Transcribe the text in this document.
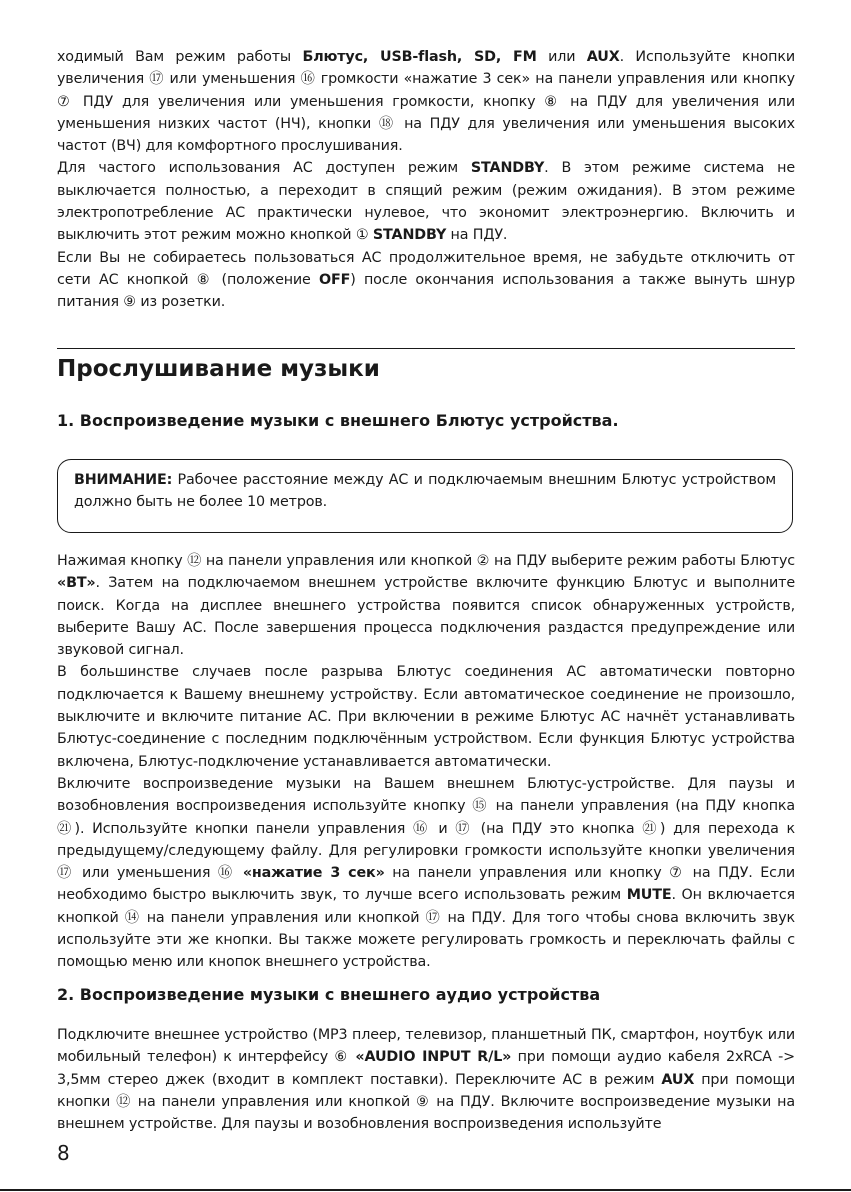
ходимый Вам режим работы Блютус, USB-flash, SD, FM или AUX. Используйте кнопки увеличения ⑰ или уменьшения ⑯ громкости «нажатие 3 сек» на панели управления или кнопку ⑦ ПДУ для увеличения или уменьшения громкости, кнопку ⑧ на ПДУ для увеличения или уменьшения низких частот (НЧ), кнопки ⑱ на ПДУ для увеличения или уменьшения высоких частот (ВЧ) для комфортного прослушивания.

Для частого использования АС доступен режим STANDBY. В этом режиме система не выключается полностью, а переходит в спящий режим (режим ожидания). В этом режиме электропотребление АС практически нулевое, что экономит электроэнергию. Включить и выключить этот режим можно кнопкой ① STANDBY на ПДУ.

Если Вы не собираетесь пользоваться АС продолжительное время, не забудьте отключить от сети АС кнопкой ⑧ (положение OFF) после окончания использования а также вынуть шнур питания ⑨ из розетки.

Прослушивание музыки
1. Воспроизведение музыки с внешнего Блютус устройства.

ВНИМАНИЕ: Рабочее расстояние между АС и подключаемым внешним Блютус устройством должно быть не более 10 метров.

Нажимая кнопку ⑫ на панели управления или кнопкой ② на ПДУ выберите режим работы Блютус «BT». Затем на подключаемом внешнем устройстве включите функцию Блютус и выполните поиск. Когда на дисплее внешнего устройства появится список обнаруженных устройств, выберите Вашу АС. После завершения процесса подключения раздастся предупреждение или звуковой сигнал.

В большинстве случаев после разрыва Блютус соединения АС автоматически повторно подключается к Вашему внешнему устройству. Если автоматическое соединение не произошло, выключите и включите питание АС. При включении в режиме Блютус АС начнёт устанавливать Блютус-соединение с последним подключённым устройством. Если функция Блютус устройства включена, Блютус-подключение устанавливается автоматически.

Включите воспроизведение музыки на Вашем внешнем Блютус-устройстве. Для паузы и возобновления воспроизведения используйте кнопку ⑮ на панели управления (на ПДУ кнопка ㉑). Используйте кнопки панели управления ⑯ и ⑰ (на ПДУ это кнопка ㉑) для перехода к предыдущему/следующему файлу. Для регулировки громкости используйте кнопки увеличения ⑰ или уменьшения ⑯ «нажатие 3 сек» на панели управления или кнопку ⑦ на ПДУ. Если необходимо быстро выключить звук, то лучше всего использовать режим MUTE. Он включается кнопкой ⑭ на панели управления или кнопкой ⑰ на ПДУ. Для того чтобы снова включить звук используйте эти же кнопки. Вы также можете регулировать громкость и переключать файлы с помощью меню или кнопок внешнего устройства.

2. Воспроизведение музыки с внешнего аудио устройства

Подключите внешнее устройство (МР3 плеер, телевизор, планшетный ПК, смартфон, ноутбук или мобильный телефон) к интерфейсу ⑥ «AUDIO INPUT R/L» при помощи аудио кабеля 2xRCA -> 3,5мм стерео джек (входит в комплект поставки). Переключите АС в режим AUX при помощи кнопки ⑫ на панели управления или кнопкой ⑨ на ПДУ. Включите воспроизведение музыки на внешнем устройстве. Для паузы и возобновления воспроизведения используйте

8
